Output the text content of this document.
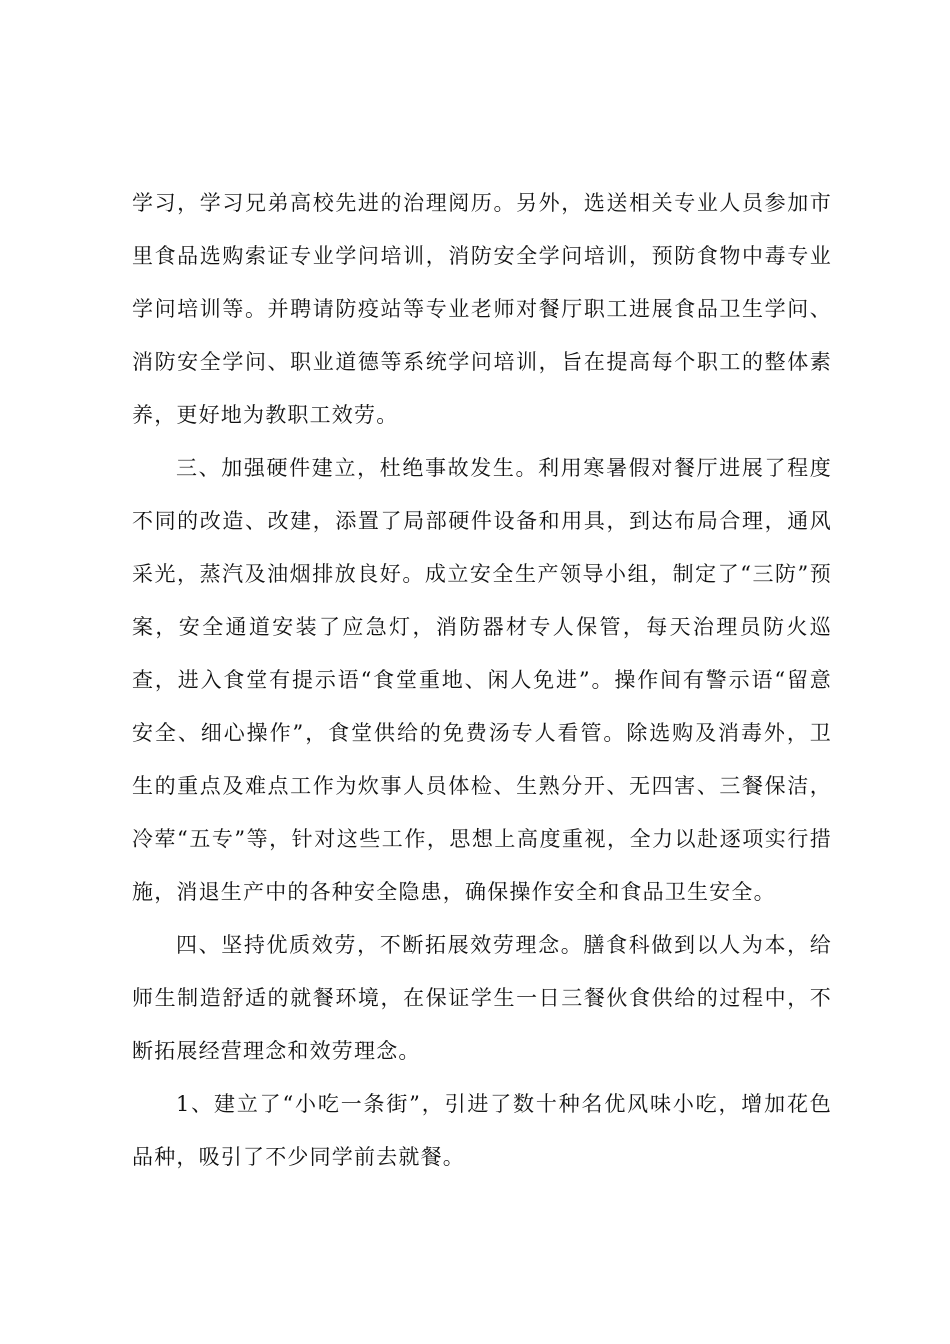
学习，学习兄弟高校先进的治理阅历。另外，选送相关专业人员参加市里食品选购索证专业学问培训，消防安全学问培训，预防食物中毒专业学问培训等。并聘请防疫站等专业老师对餐厅职工进展食品卫生学问、消防安全学问、职业道德等系统学问培训，旨在提高每个职工的整体素养，更好地为教职工效劳。

三、加强硬件建立，杜绝事故发生。利用寒暑假对餐厅进展了程度不同的改造、改建，添置了局部硬件设备和用具，到达布局合理，通风采光，蒸汽及油烟排放良好。成立安全生产领导小组，制定了“三防”预案，安全通道安装了应急灯，消防器材专人保管，每天治理员防火巡查，进入食堂有提示语“食堂重地、闲人免进”。操作间有警示语“留意安全、细心操作”，食堂供给的免费汤专人看管。除选购及消毒外，卫生的重点及难点工作为炊事人员体检、生熟分开、无四害、三餐保洁，冷荤“五专”等，针对这些工作，思想上高度重视，全力以赴逐项实行措施，消退生产中的各种安全隐患，确保操作安全和食品卫生安全。

四、坚持优质效劳，不断拓展效劳理念。膳食科做到以人为本，给师生制造舒适的就餐环境，在保证学生一日三餐伙食供给的过程中，不断拓展经营理念和效劳理念。

1、建立了“小吃一条街”，引进了数十种名优风味小吃，增加花色品种，吸引了不少同学前去就餐。
